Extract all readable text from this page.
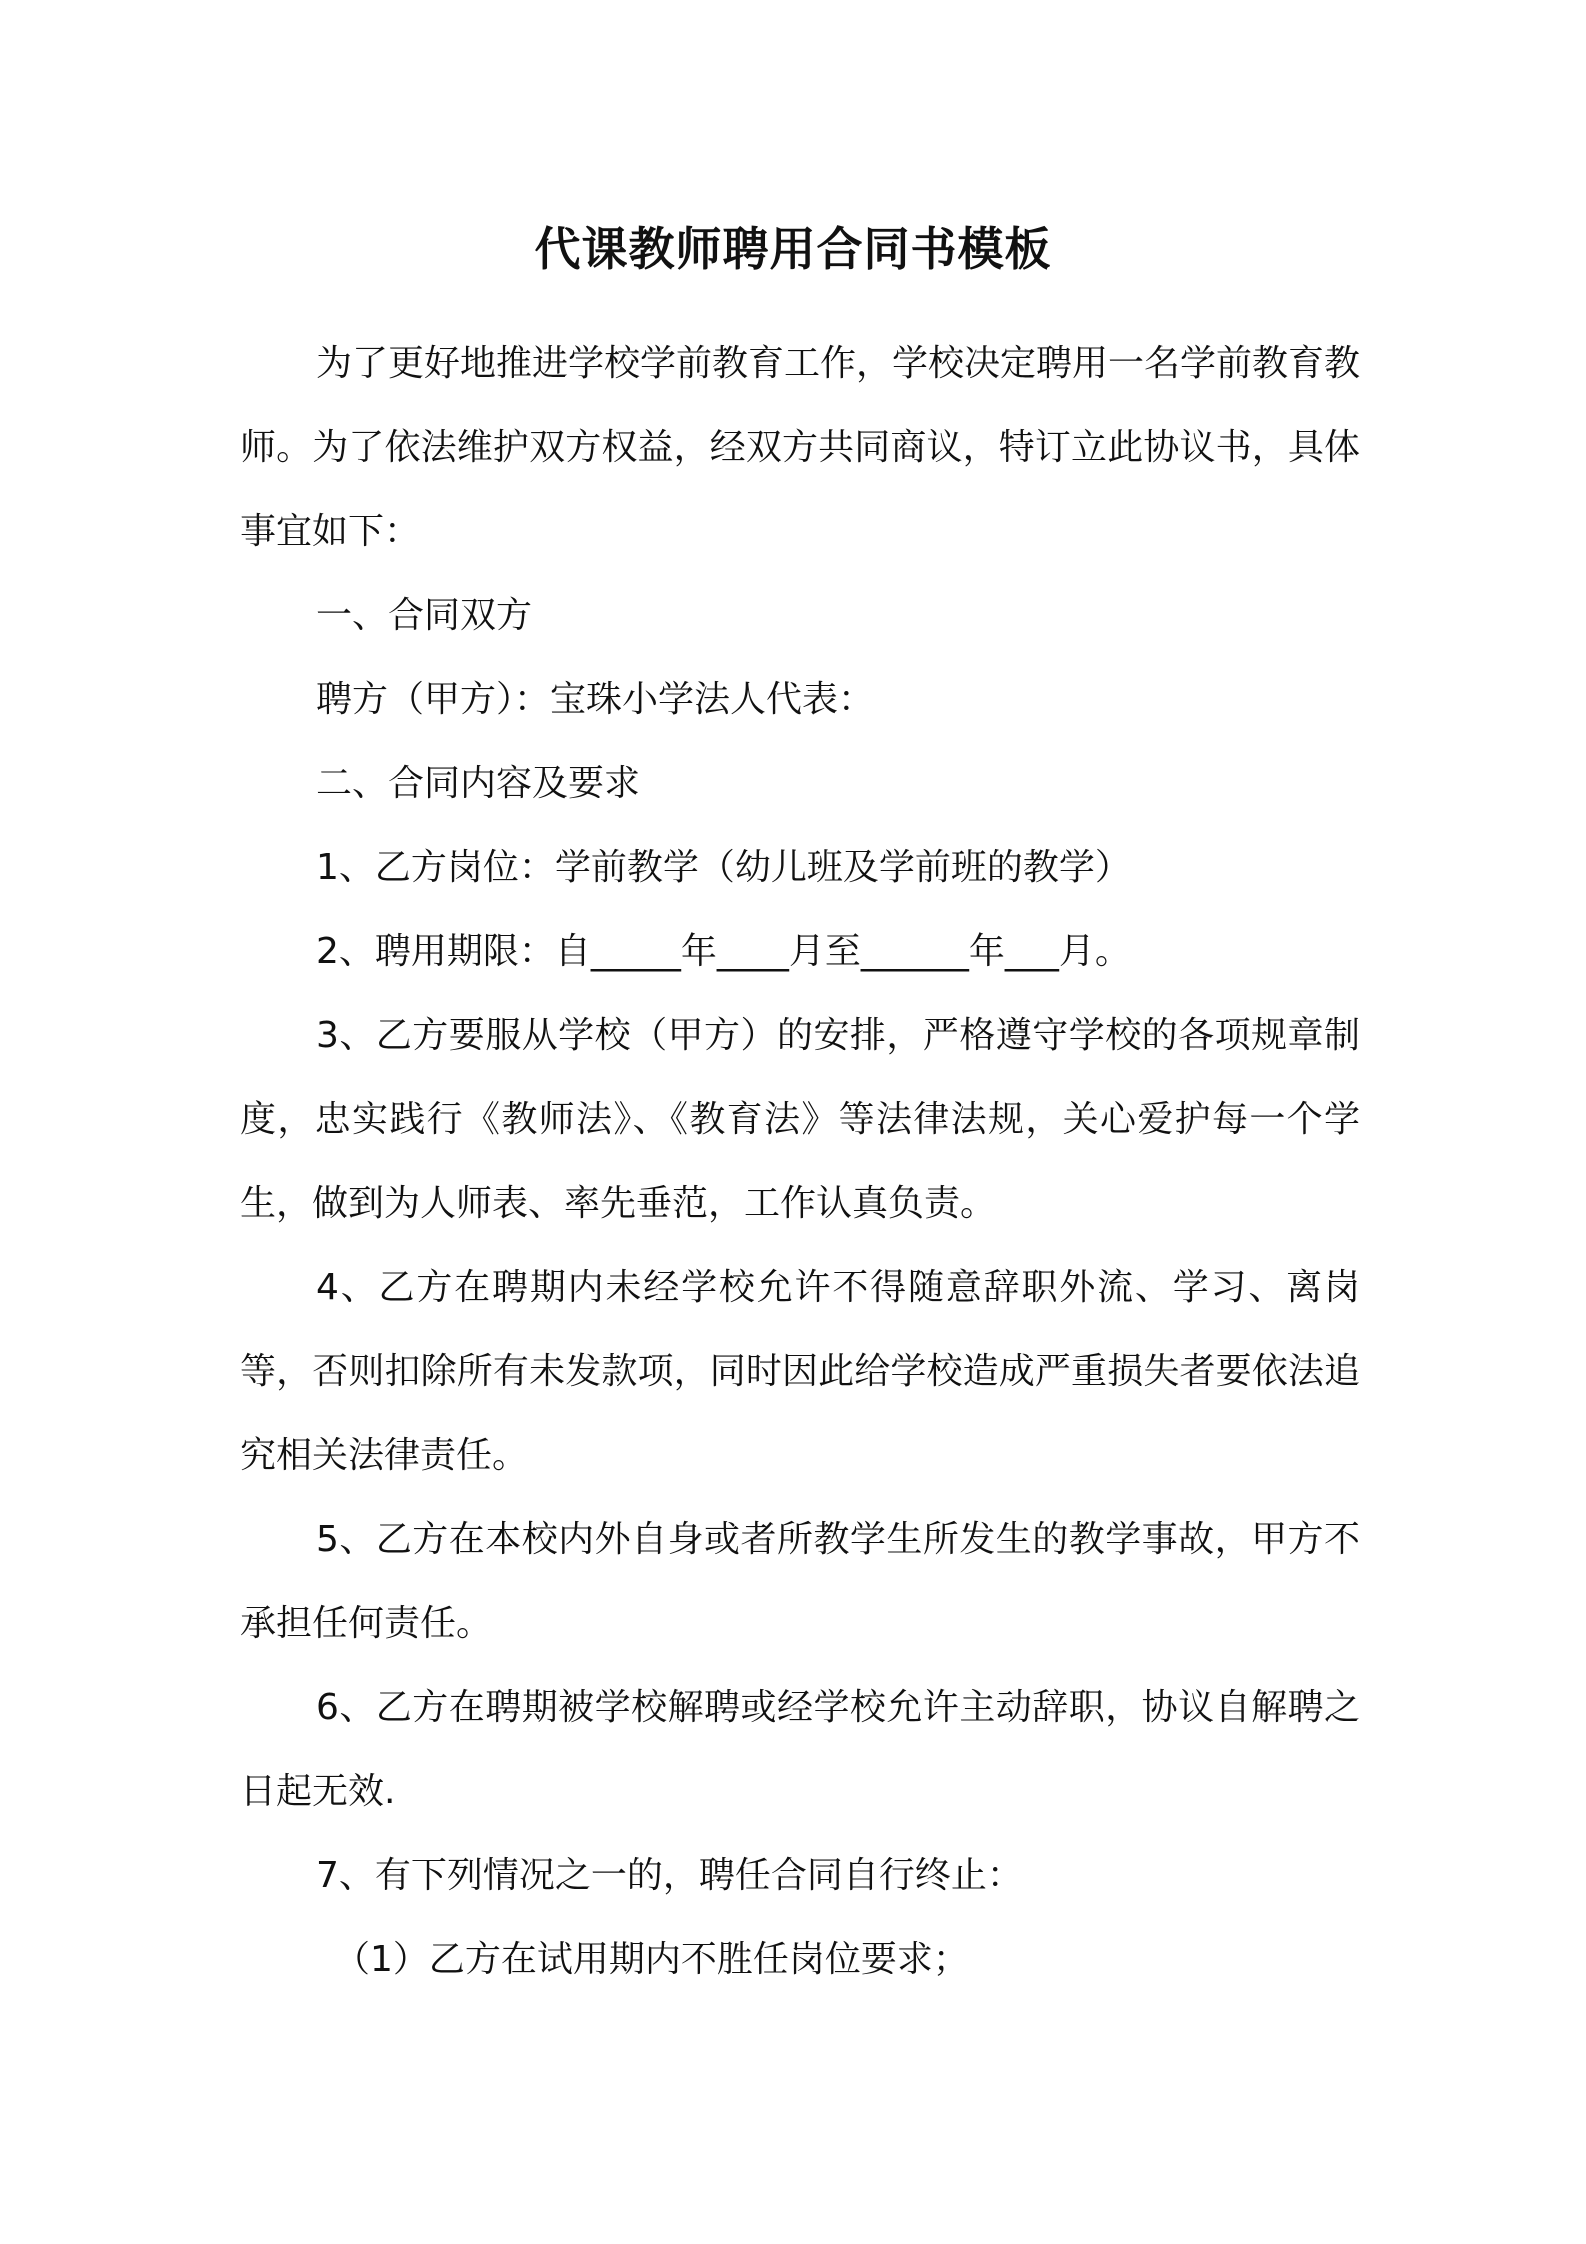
代课教师聘用合同书模板

为了更好地推进学校学前教育工作，学校决定聘用一名学前教育教师。为了依法维护双方权益，经双方共同商议，特订立此协议书，具体事宜如下：

一、合同双方

聘方（甲方）：宝珠小学法人代表：

二、合同内容及要求

1、乙方岗位：学前教学（幼儿班及学前班的教学）

2、聘用期限：自_____年____月至______年___月。

3、乙方要服从学校（甲方）的安排，严格遵守学校的各项规章制度，忠实践行《教师法》、《教育法》等法律法规，关心爱护每一个学生，做到为人师表、率先垂范，工作认真负责。

4、乙方在聘期内未经学校允许不得随意辞职外流、学习、离岗等，否则扣除所有未发款项，同时因此给学校造成严重损失者要依法追究相关法律责任。

5、乙方在本校内外自身或者所教学生所发生的教学事故，甲方不承担任何责任。

6、乙方在聘期被学校解聘或经学校允许主动辞职，协议自解聘之日起无效.

7、有下列情况之一的，聘任合同自行终止：

（1）乙方在试用期内不胜任岗位要求；
